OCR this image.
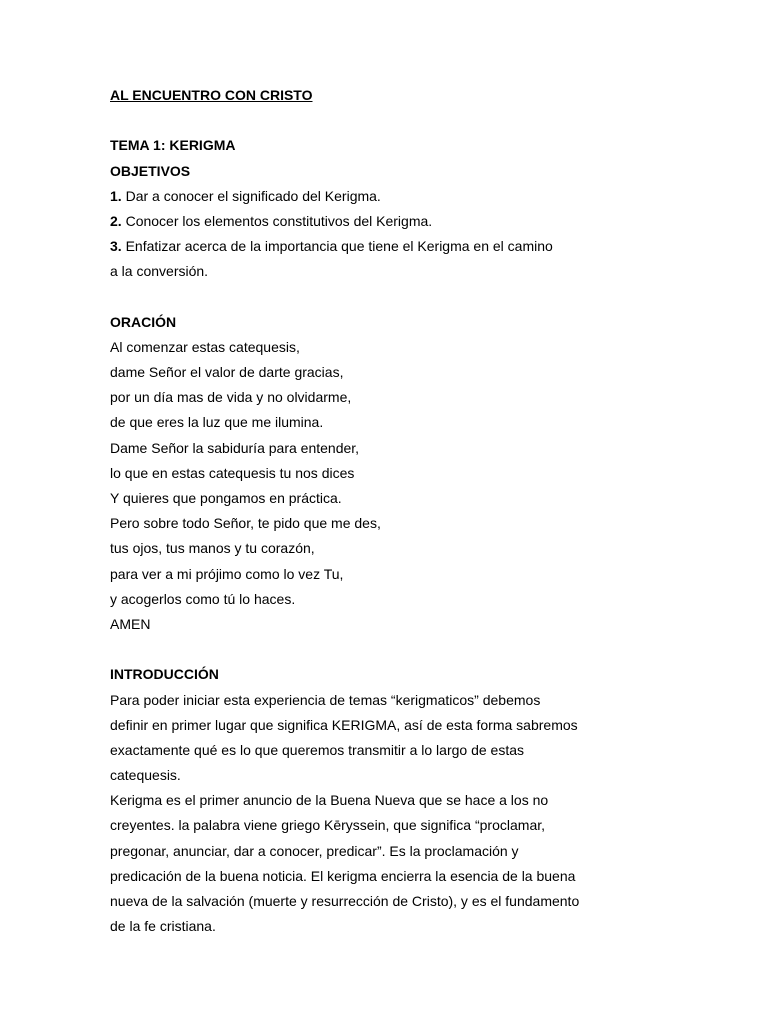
AL ENCUENTRO CON CRISTO
TEMA 1: KERIGMA
OBJETIVOS
1. Dar a conocer el significado del Kerigma.
2. Conocer los elementos constitutivos del Kerigma.
3. Enfatizar acerca de la importancia que tiene el Kerigma en el camino
a la conversión.
ORACIÓN
Al comenzar estas catequesis,
dame Señor el valor de darte gracias,
por un día mas de vida y no olvidarme,
de que eres la luz que me ilumina.
Dame Señor la sabiduría para entender,
lo que en estas catequesis tu nos dices
Y quieres que pongamos en práctica.
Pero sobre todo Señor, te pido que me des,
tus ojos, tus manos y tu corazón,
para ver a mi prójimo como lo vez Tu,
y acogerlos como tú lo haces.
AMEN
INTRODUCCIÓN
Para poder iniciar esta experiencia de temas “kerigmaticos” debemos
definir en primer lugar que significa KERIGMA, así de esta forma sabremos
exactamente qué es lo que queremos transmitir a lo largo de estas
catequesis.
Kerigma es el primer anuncio de la Buena Nueva que se hace a los no
creyentes. la palabra viene griego Kēryssein, que significa “proclamar,
pregonar, anunciar, dar a conocer, predicar”. Es la proclamación y
predicación de la buena noticia. El kerigma encierra la esencia de la buena
nueva de la salvación (muerte y resurrección de Cristo), y es el fundamento
de la fe cristiana.
